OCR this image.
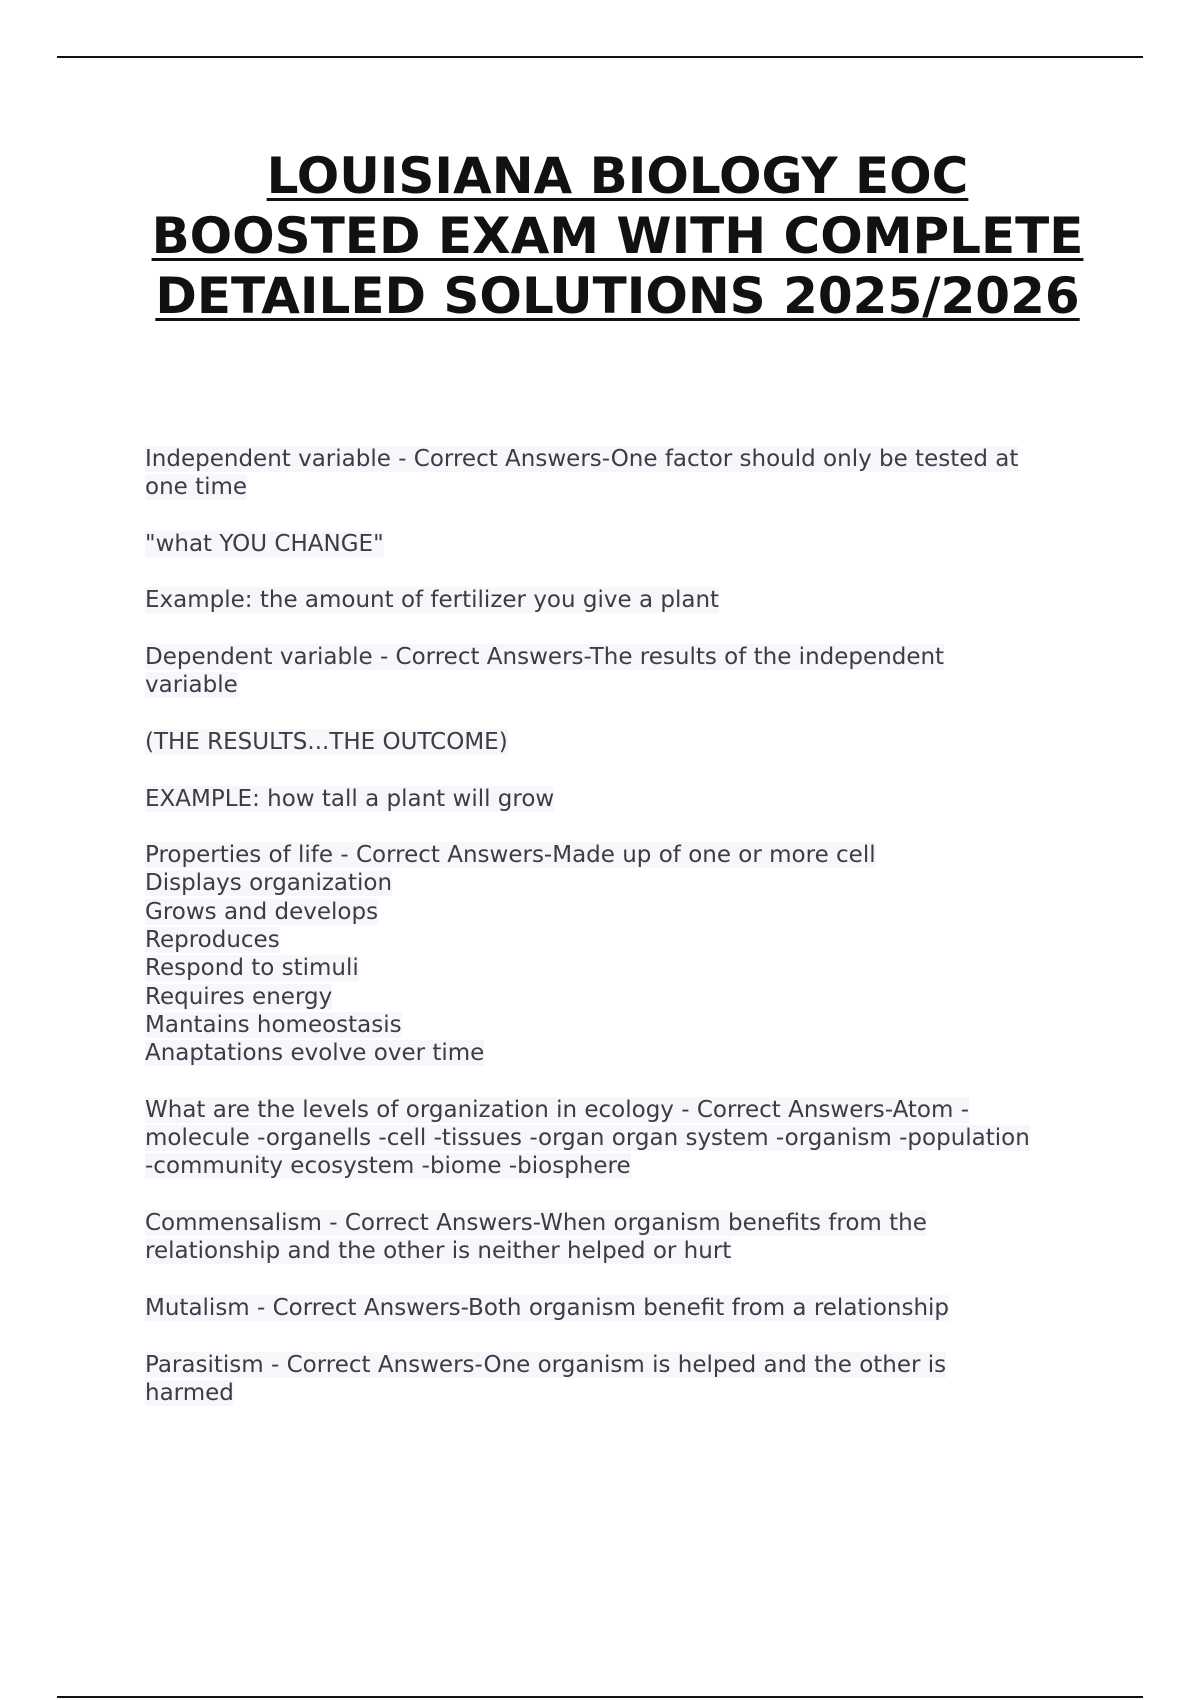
LOUISIANA BIOLOGY EOC BOOSTED EXAM WITH COMPLETE DETAILED SOLUTIONS 2025/2026
Independent variable - Correct Answers-One factor should only be tested at
one time
"what YOU CHANGE"
Example: the amount of fertilizer you give a plant
Dependent variable - Correct Answers-The results of the independent
variable
(THE RESULTS...THE OUTCOME)
EXAMPLE: how tall a plant will grow
Properties of life - Correct Answers-Made up of one or more cell
Displays organization
Grows and develops
Reproduces
Respond to stimuli
Requires energy
Mantains homeostasis
Anaptations evolve over time
What are the levels of organization in ecology - Correct Answers-Atom -
molecule -organells -cell -tissues -organ organ system -organism -population
-community ecosystem -biome -biosphere
Commensalism - Correct Answers-When organism benefits from the
relationship and the other is neither helped or hurt
Mutalism - Correct Answers-Both organism benefit from a relationship
Parasitism - Correct Answers-One organism is helped and the other is
harmed
